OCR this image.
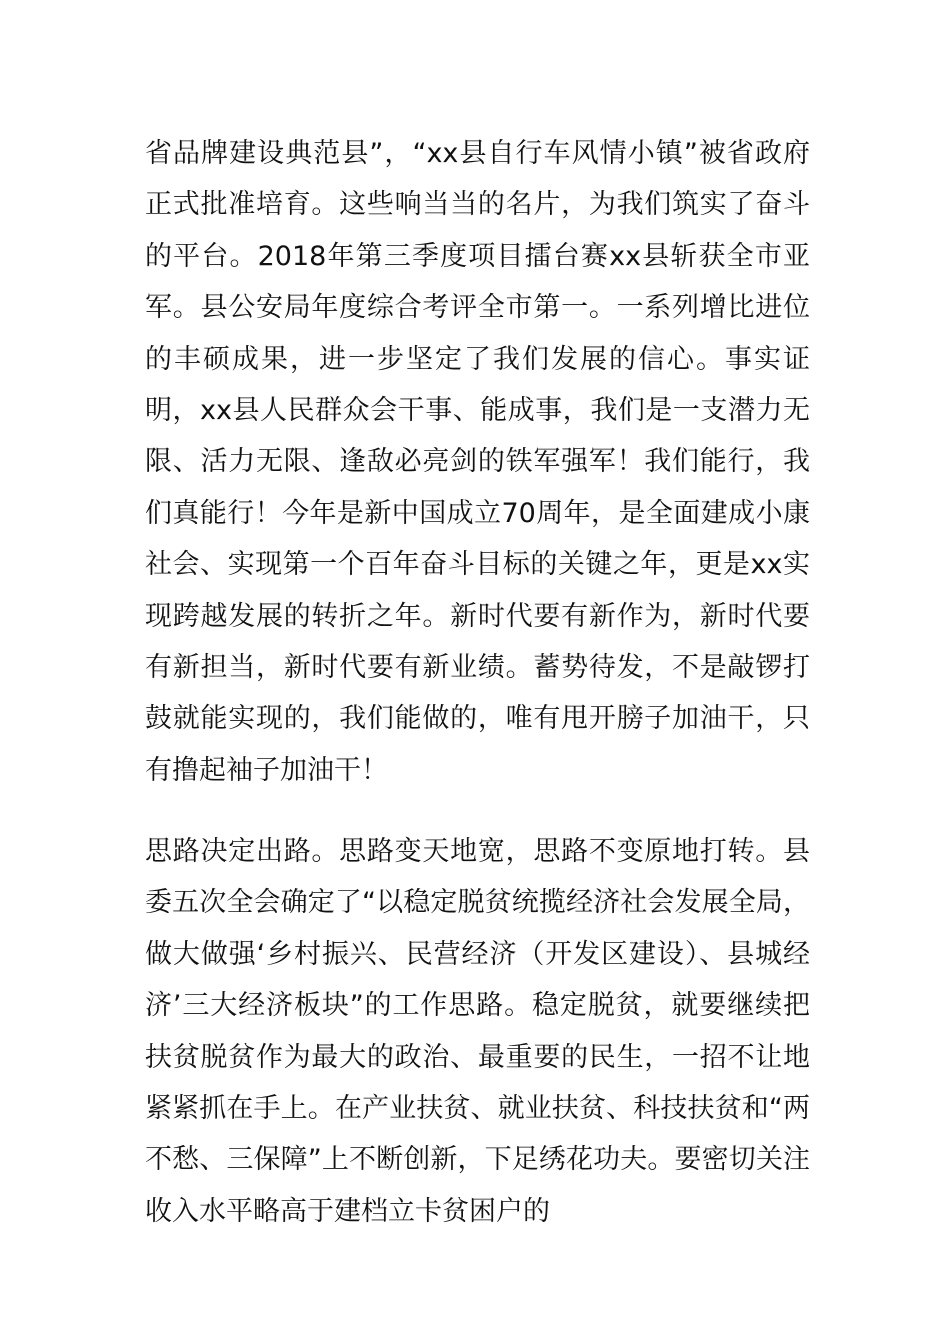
省品牌建设典范县”，“xx县自行车风情小镇”被省政府正式批准培育。这些响当当的名片，为我们筑实了奋斗的平台。2018年第三季度项目擂台赛xx县斩获全市亚军。县公安局年度综合考评全市第一。一系列增比进位的丰硕成果，进一步坚定了我们发展的信心。事实证明，xx县人民群众会干事、能成事，我们是一支潜力无限、活力无限、逢敌必亮剑的铁军强军！我们能行，我们真能行！今年是新中国成立70周年，是全面建成小康社会、实现第一个百年奋斗目标的关键之年，更是xx实现跨越发展的转折之年。新时代要有新作为，新时代要有新担当，新时代要有新业绩。蓄势待发，不是敲锣打鼓就能实现的，我们能做的，唯有甩开膀子加油干，只有撸起袖子加油干！

思路决定出路。思路变天地宽，思路不变原地打转。县委五次全会确定了“以稳定脱贫统揽经济社会发展全局，做大做强‘乡村振兴、民营经济（开发区建设）、县城经济’三大经济板块”的工作思路。稳定脱贫，就要继续把扶贫脱贫作为最大的政治、最重要的民生，一招不让地紧紧抓在手上。在产业扶贫、就业扶贫、科技扶贫和“两不愁、三保障”上不断创新，下足绣花功夫。要密切关注收入水平略高于建档立卡贫困户的
